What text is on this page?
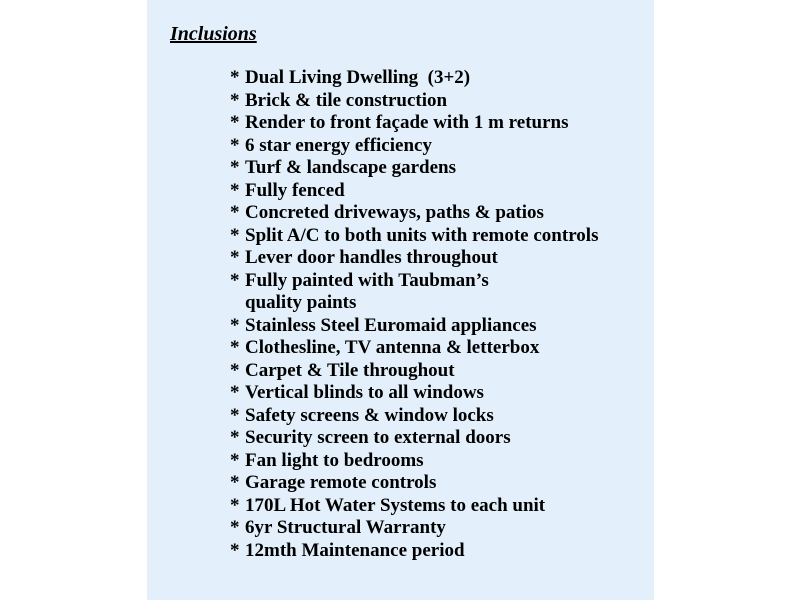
Inclusions
* Dual Living Dwelling  (3+2)
* Brick & tile construction
* Render to front façade with 1 m returns
* 6 star energy efficiency
* Turf & landscape gardens
* Fully fenced
* Concreted driveways, paths & patios
* Split A/C to both units with remote controls
* Lever door handles throughout
* Fully painted with Taubman’s
quality paints
* Stainless Steel Euromaid appliances
* Clothesline, TV antenna & letterbox
* Carpet & Tile throughout
* Vertical blinds to all windows
* Safety screens & window locks
* Security screen to external doors
* Fan light to bedrooms
* Garage remote controls
* 170L Hot Water Systems to each unit
* 6yr Structural Warranty
* 12mth Maintenance period
